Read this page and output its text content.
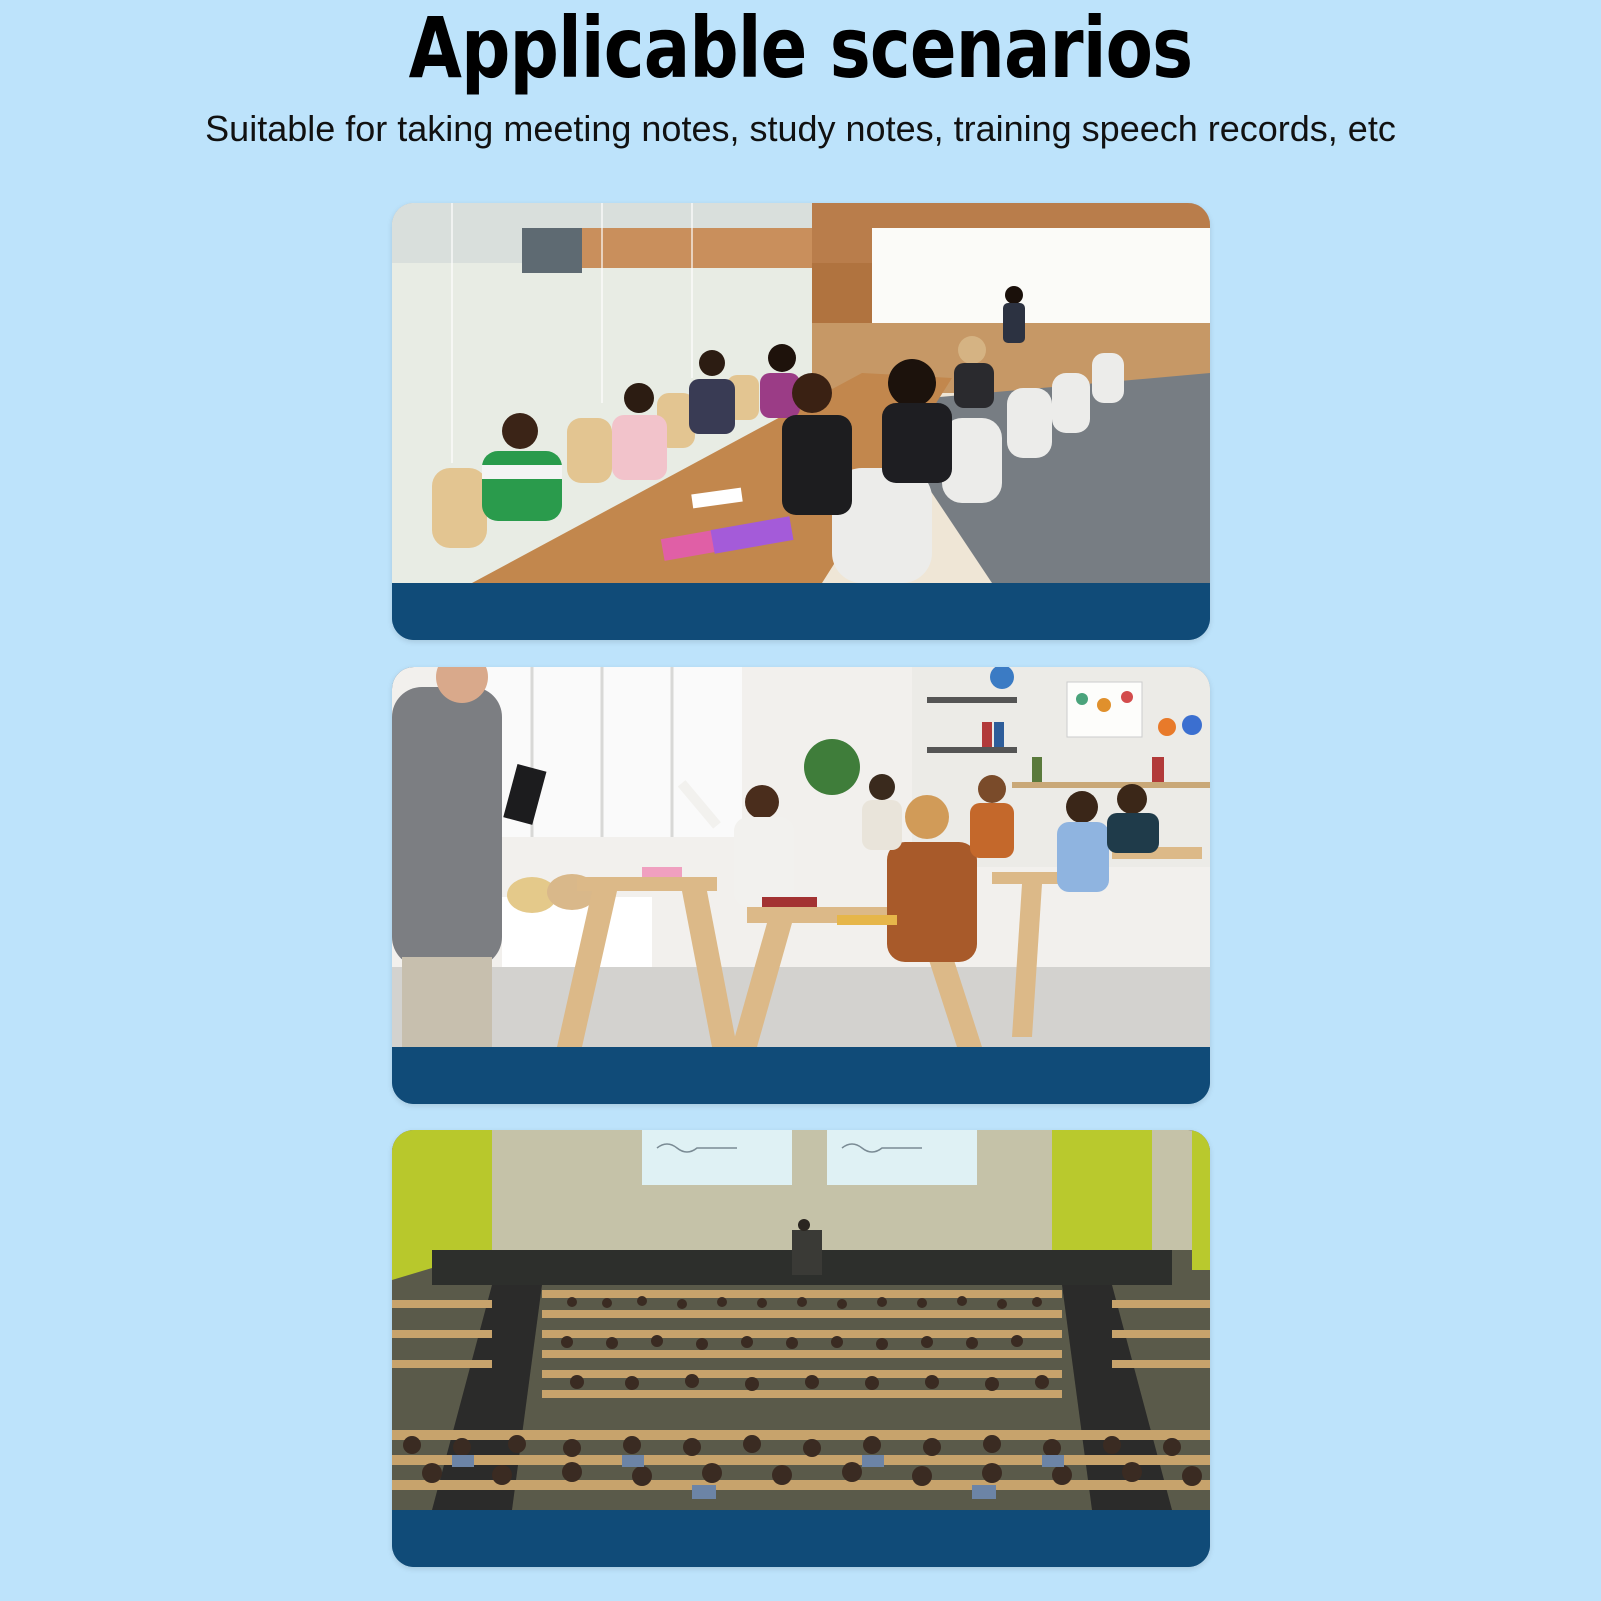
Applicable scenarios
Suitable for taking meeting notes, study notes, training speech records, etc
